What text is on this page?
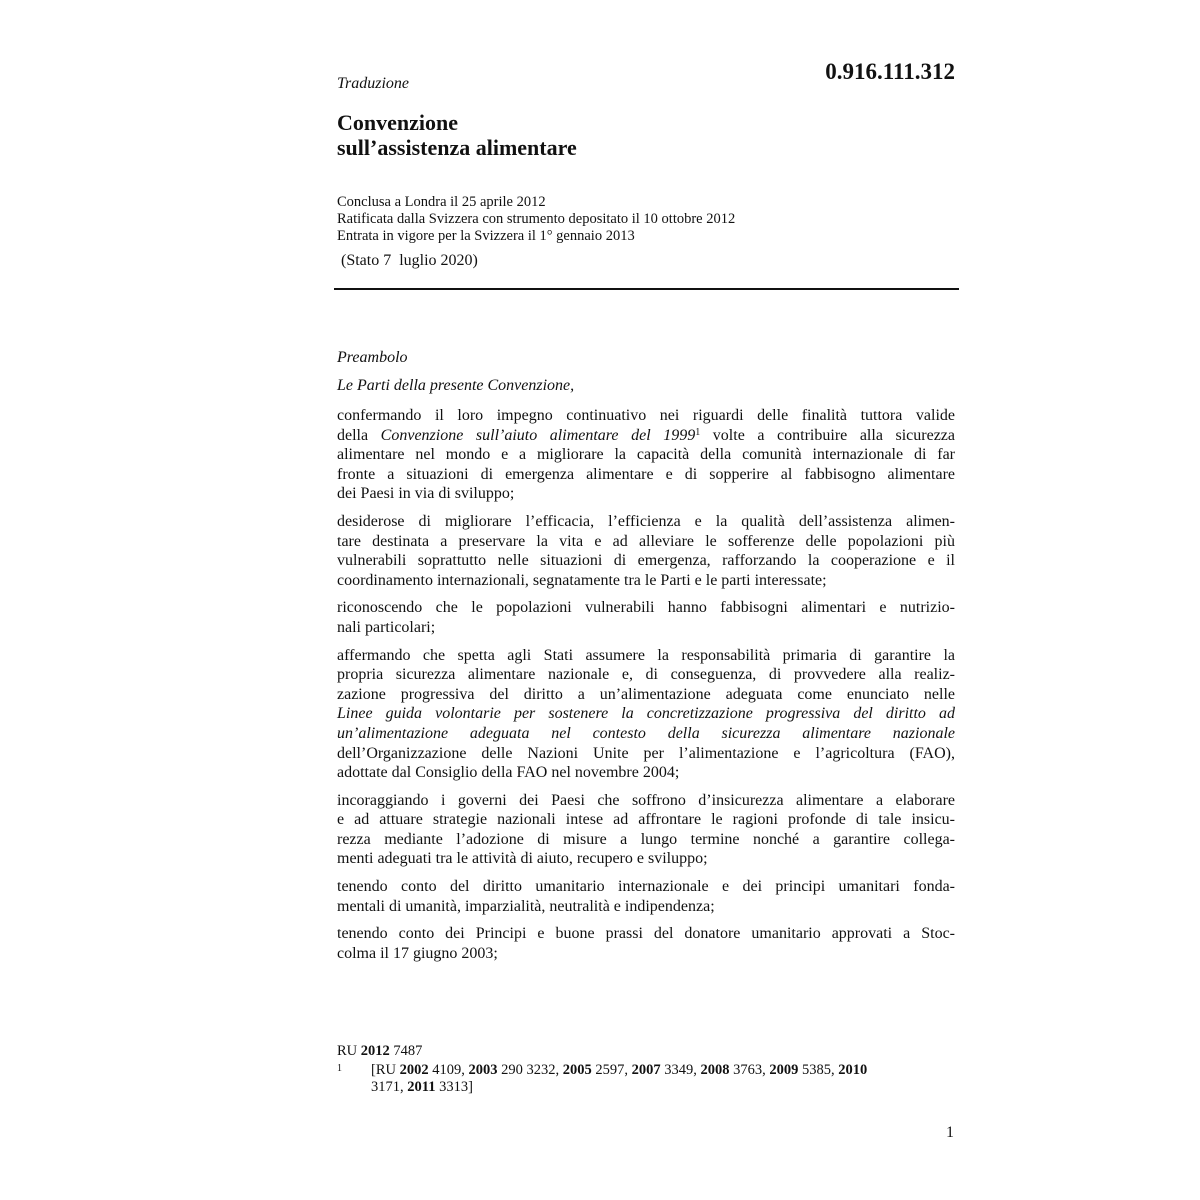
0.916.111.312
Traduzione
Convenzione
sull’assistenza alimentare
Conclusa a Londra il 25 aprile 2012
Ratificata dalla Svizzera con strumento depositato il 10 ottobre 2012
Entrata in vigore per la Svizzera il 1° gennaio 2013
(Stato 7  luglio 2020)
Preambolo
Le Parti della presente Convenzione,
confermando il loro impegno continuativo nei riguardi delle finalità tuttora valide
della Convenzione sull’aiuto alimentare del 1999$^1$ volte a contribuire alla sicurezza
alimentare nel mondo e a migliorare la capacità della comunità internazionale di far
fronte a situazioni di emergenza alimentare e di sopperire al fabbisogno alimentare
dei Paesi in via di sviluppo;
desiderose di migliorare l’efficacia, l’efficienza e la qualità dell’assistenza alimen-
tare destinata a preservare la vita e ad alleviare le sofferenze delle popolazioni più
vulnerabili soprattutto nelle situazioni di emergenza, rafforzando la cooperazione e il
coordinamento internazionali, segnatamente tra le Parti e le parti interessate;
riconoscendo che le popolazioni vulnerabili hanno fabbisogni alimentari e nutrizio-
nali particolari;
affermando che spetta agli Stati assumere la responsabilità primaria di garantire la
propria sicurezza alimentare nazionale e, di conseguenza, di provvedere alla realiz-
zazione progressiva del diritto a un’alimentazione adeguata come enunciato nelle
Linee guida volontarie per sostenere la concretizzazione progressiva del diritto ad
un’alimentazione adeguata nel contesto della sicurezza alimentare nazionale
dell’Organizzazione delle Nazioni Unite per l’alimentazione e l’agricoltura (FAO),
adottate dal Consiglio della FAO nel novembre 2004;
incoraggiando i governi dei Paesi che soffrono d’insicurezza alimentare a elaborare
e ad attuare strategie nazionali intese ad affrontare le ragioni profonde di tale insicu-
rezza mediante l’adozione di misure a lungo termine nonché a garantire collega-
menti adeguati tra le attività di aiuto, recupero e sviluppo;
tenendo conto del diritto umanitario internazionale e dei principi umanitari fonda-
mentali di umanità, imparzialità, neutralità e indipendenza;
tenendo conto dei Principi e buone prassi del donatore umanitario approvati a Stoc-
colma il 17 giugno 2003;
RU 2012 7487
1 [RU 2002 4109, 2003 290 3232, 2005 2597, 2007 3349, 2008 3763, 2009 5385, 2010
3171, 2011 3313]
1
